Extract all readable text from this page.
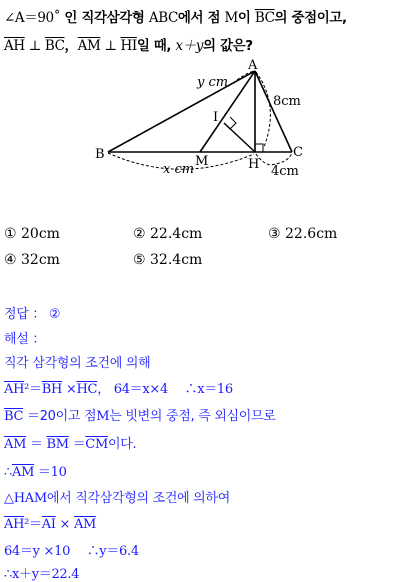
∠A＝90˚ 인 직각삼각형 ABC에서 점 M이 $\overline{BC}$의 중점이고,
$\overline{AH}$ ⊥ $\overline{BC}$，$\overline{AM}$ ⊥ $\overline{HI}$일 때, x＋y의 값은?
A
B	C
H
I
M
y cm
8cm
x cm	4cm
① 20cm	② 22.4cm	③ 22.6cm
④ 32cm	⑤ 32.4cm
정답 ： ②
해설 ：
직각 삼각형의 조건에 의해
$\overline{AH}^2=\overline{BH} \times\overline{HC}$， 64＝x×4　 ∴x＝16
$\overline{BC} =20$이고 점M는 빗변의 중점, 즉 외심이므로
$\overline{AM} = \overline{BM} =\overline{CM}$이다.
$\therefore\overline{AM} =10$
△HAM에서 직각삼각형의 조건에 의하여
$\overline{AH}^2=\overline{AI} \times \overline{AM}$
64＝y ×10　 ∴y＝6.4
∴x＋y＝22.4
